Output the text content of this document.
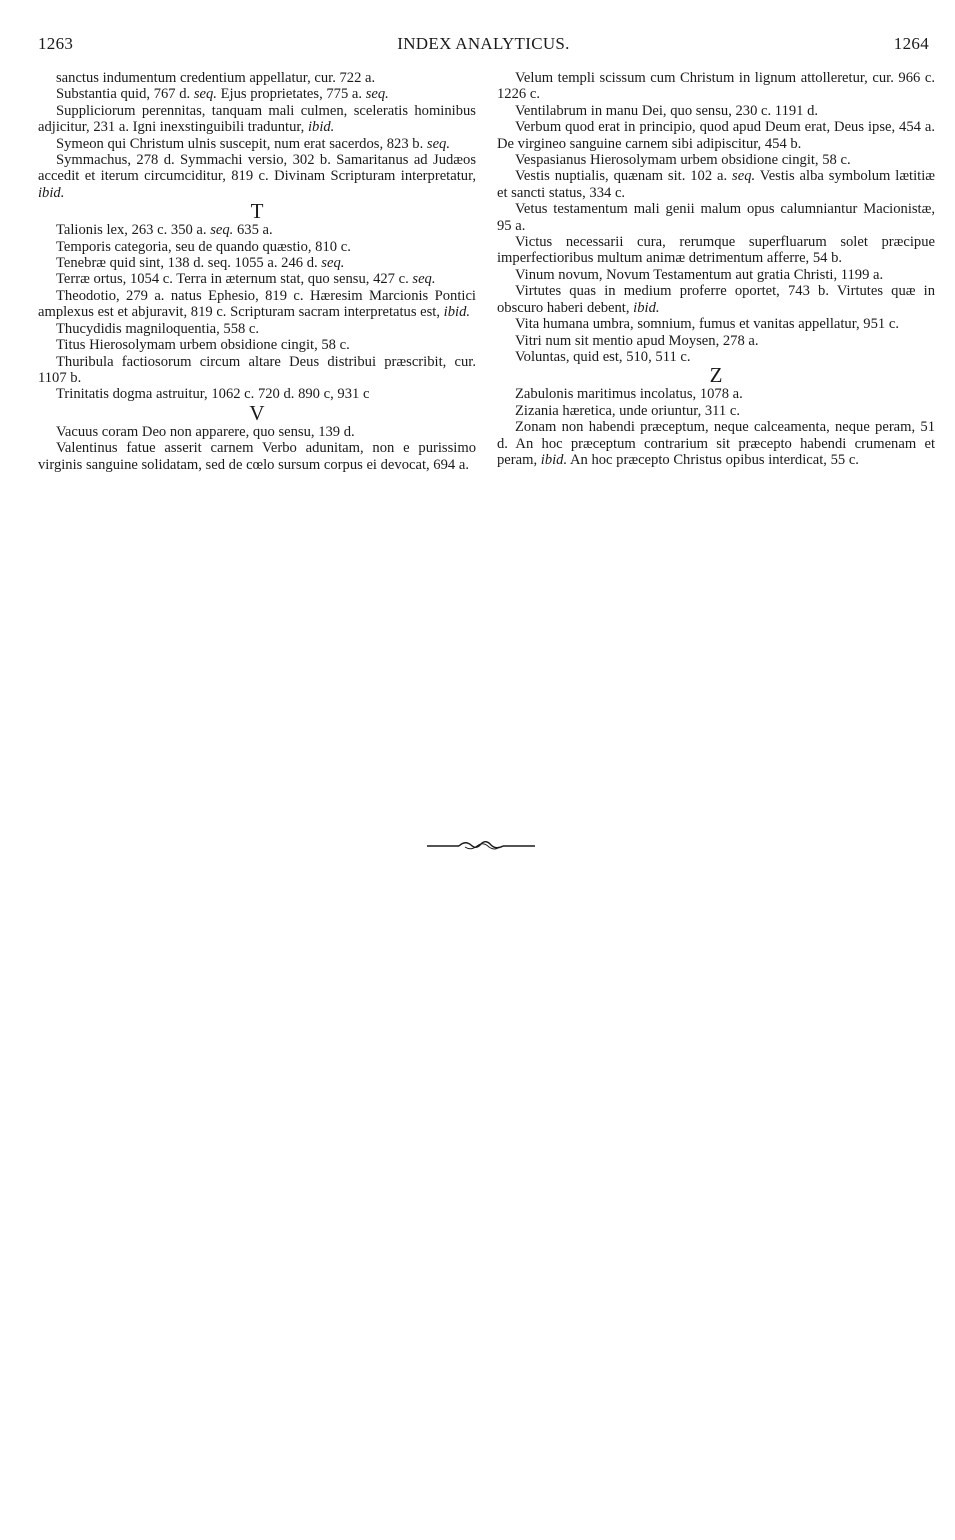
INDEX ANALYTICUS.
1263	1264

sanctus indumentum credentium appellatur, cur. 722 a.

Substantia quid, 767 d. seq. Ejus proprietates, 775 a. seq.

Suppliciorum perennitas, tanquam mali culmen, sceleratis hominibus adjicitur, 231 a. Igni inexstinguibili traduntur, ibid.

Symeon qui Christum ulnis suscepit, num erat sacerdos, 823 b. seq.

Symmachus, 278 d. Symmachi versio, 302 b. Samaritanus ad Judæos accedit et iterum circumciditur, 819 c. Divinam Scripturam interpretatur, ibid.

T

Talionis lex, 263 c. 350 a. seq. 635 a.

Temporis categoria, seu de quando quæstio, 810 c.

Tenebræ quid sint, 138 d. seq. 1055 a. 246 d. seq.

Terræ ortus, 1054 c. Terra in æternum stat, quo sensu, 427 c. seq.

Theodotio, 279 a. natus Ephesio, 819 c. Hæresim Marcionis Pontici amplexus est et abjuravit, 819 c. Scripturam sacram interpretatus est, ibid.

Thucydidis magniloquentia, 558 c.

Titus Hierosolymam urbem obsidione cingit, 58 c.

Thuribula factiosorum circum altare Deus distribui præscribit, cur. 1107 b.

Trinitatis dogma astruitur, 1062 c. 720 d. 890 c, 931 c

V

Vacuus coram Deo non apparere, quo sensu, 139 d.

Valentinus fatue asserit carnem Verbo adunitam, non e purissimo virginis sanguine solidatam, sed de cœlo sursum corpus ei devocat, 694 a.

Velum templi scissum cum Christum in lignum attolleretur, cur. 966 c. 1226 c.

Ventilabrum in manu Dei, quo sensu, 230 c. 1191 d.

Verbum quod erat in principio, quod apud Deum erat, Deus ipse, 454 a. De virgineo sanguine carnem sibi adipiscitur, 454 b.

Vespasianus Hierosolymam urbem obsidione cingit, 58 c.

Vestis nuptialis, quænam sit. 102 a. seq. Vestis alba symbolum lætitiæ et sancti status, 334 c.

Vetus testamentum mali genii malum opus calumniantur Macionistæ, 95 a.

Victus necessarii cura, rerumque superfluarum solet præcipue imperfectioribus multum animæ detrimentum afferre, 54 b.

Vinum novum, Novum Testamentum aut gratia Christi, 1199 a.

Virtutes quas in medium proferre oportet, 743 b. Virtutes quæ in obscuro haberi debent, ibid.

Vita humana umbra, somnium, fumus et vanitas appellatur, 951 c.

Vitri num sit mentio apud Moysen, 278 a.

Voluntas, quid est, 510, 511 c.

Z

Zabulonis maritimus incolatus, 1078 a.

Zizania hæretica, unde oriuntur, 311 c.

Zonam non habendi præceptum, neque calceamenta, neque peram, 51 d. An hoc præceptum contrarium sit præcepto habendi crumenam et peram, ibid. An hoc præcepto Christus opibus interdicat, 55 c.
